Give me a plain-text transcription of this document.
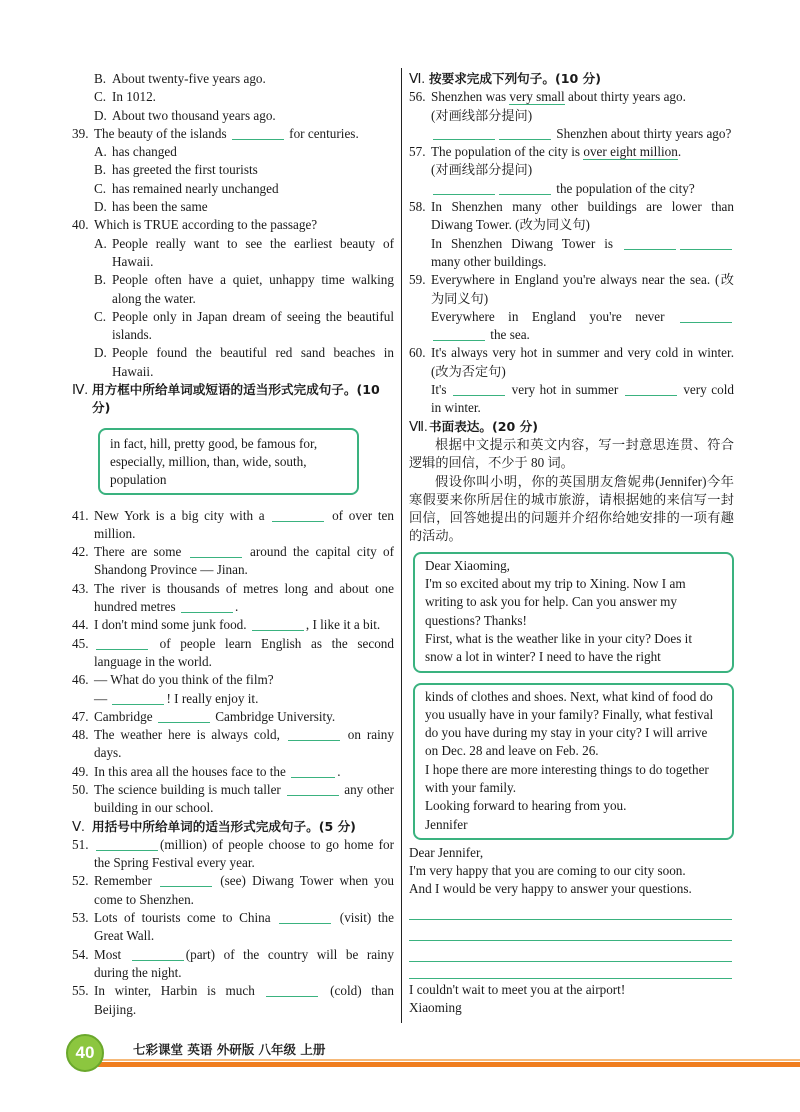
B. About twenty-five years ago.
C. In 1012.
D. About two thousand years ago.
39. The beauty of the islands	for centuries.
A. has changed
B. has greeted the first tourists
C. has remained nearly unchanged
D. has been the same
40. Which is TRUE according to the passage?
A. People really want to see the earliest beauty of Hawaii.
B. People often have a quiet, unhappy time walking along the water.
C. People only in Japan dream of seeing the beautiful islands.
D. People found the beautiful red sand beaches in Hawaii.
Ⅳ. 用方框中所给单词或短语的适当形式完成句子。(10 分)
in fact, hill, pretty good, be famous for, especially, million, than, wide, south, population
41. New York is a big city with a	of over ten million.
42. There are some	around the capital city of Shandong Province — Jinan.
43. The river is thousands of metres long and about one hundred metres	.
44. I don't mind some junk food.	, I like it a bit.
45.	of people learn English as the second language in the world.
46. — What do you think of the film?
—	! I really enjoy it.
47. Cambridge	Cambridge University.
48. The weather here is always cold,	on rainy days.
49. In this area all the houses face to the	.
50. The science building is much taller	any other building in our school.
Ⅴ. 用括号中所给单词的适当形式完成句子。(5 分)
51.	(million) of people choose to go home for the Spring Festival every year.
52. Remember	(see) Diwang Tower when you come to Shenzhen.
53. Lots of tourists come to China	(visit) the Great Wall.
54. Most	(part) of the country will be rainy during the night.
55. In winter, Harbin is much	(cold) than Beijing.
Ⅵ. 按要求完成下列句子。(10 分)
56. Shenzhen was very small about thirty years ago.
(对画线部分提问)
Shenzhen about thirty years ago?
57. The population of the city is over eight million.
(对画线部分提问)
the population of the city?
58. In Shenzhen many other buildings are lower than Diwang Tower. (改为同义句)
In Shenzhen Diwang Tower is  many other buildings.
59. Everywhere in England you're always near the sea. (改为同义句)
Everywhere in England you're never   the sea.
60. It's always very hot in summer and very cold in winter. (改为否定句)
It's	very hot in summer	very cold in winter.
Ⅶ. 书面表达。(20 分)
根据中文提示和英文内容，写一封意思连贯、符合逻辑的回信，不少于 80 词。
假设你叫小明，你的英国朋友詹妮弗(Jennifer)今年寒假要来你所居住的城市旅游，请根据她的来信写一封回信，回答她提出的问题并介绍你给她安排的一项有趣的活动。
Dear Xiaoming,
I'm so excited about my trip to Xining. Now I am writing to ask you for help. Can you answer my questions? Thanks!
First, what is the weather like in your city? Does it snow a lot in winter? I need to have the right
kinds of clothes and shoes. Next, what kind of food do you usually have in your family? Finally, what festival do you have during my stay in your city? I will arrive on Dec. 28 and leave on Feb. 26.
I hope there are more interesting things to do together with your family.
Looking forward to hearing from you.
Jennifer
Dear Jennifer,
I'm very happy that you are coming to our city soon.
And I would be very happy to answer your questions.
I couldn't wait to meet you at the airport!
Xiaoming
40	七彩课堂 英语 外研版 八年级 上册
